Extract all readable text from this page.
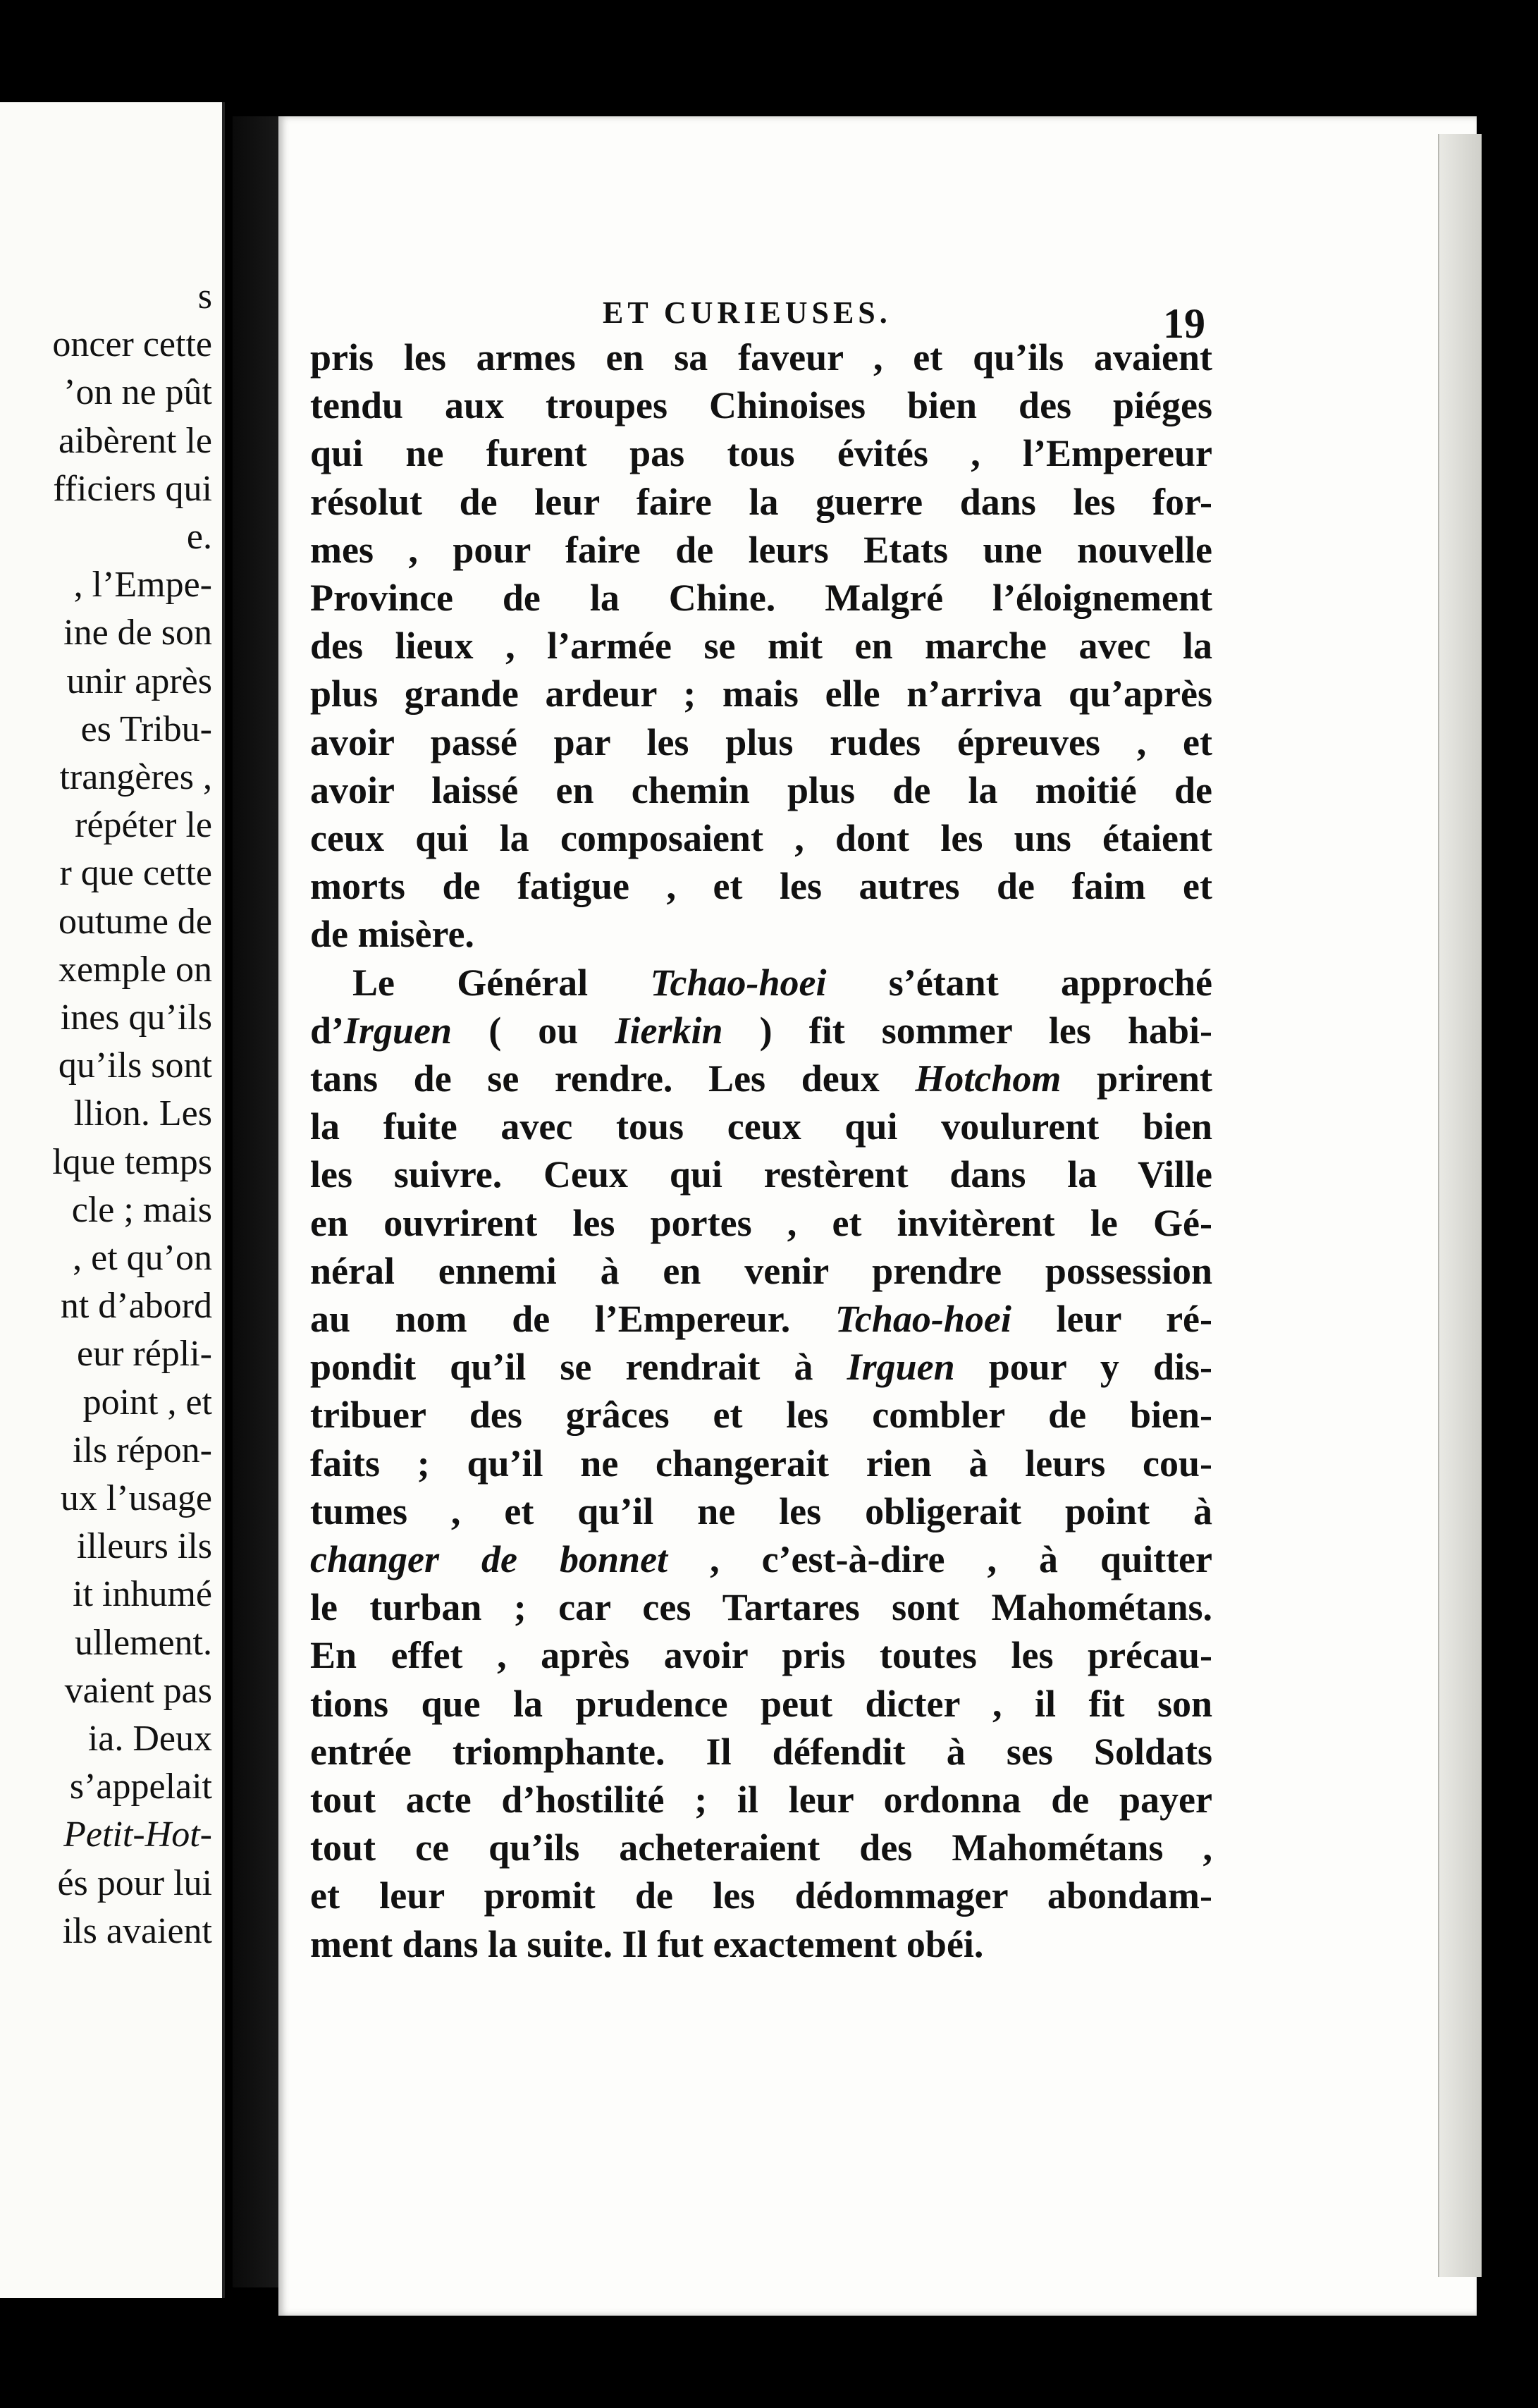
s
oncer cette
’on ne pût
aibèrent le
fficiers qui
e.
, l’Empe-
ine de son
unir après
es Tribu-
trangères ,
répéter le
r que cette
outume de
xemple on
ines qu’ils
qu’ils sont
llion. Les
lque temps
cle ; mais
, et qu’on
nt d’abord
eur répli-
point , et
ils répon-
ux l’usage
illeurs ils
it inhumé
ullement.
vaient pas
ia. Deux
s’appelait
Petit-Hot-
és pour lui
ils avaient
ET CURIEUSES.	19
pris les armes en sa faveur , et qu’ils avaient
tendu aux troupes Chinoises bien des piéges
qui ne furent pas tous évités , l’Empereur
résolut de leur faire la guerre dans les for-
mes , pour faire de leurs Etats une nouvelle
Province de la Chine. Malgré l’éloignement
des lieux , l’armée se mit en marche avec la
plus grande ardeur ; mais elle n’arriva qu’après
avoir passé par les plus rudes épreuves , et
avoir laissé en chemin plus de la moitié de
ceux qui la composaient , dont les uns étaient
morts de fatigue , et les autres de faim et
de misère.
Le Général Tchao-hoei s’étant approché
d’Irguen ( ou Iierkin ) fit sommer les habi-
tans de se rendre. Les deux Hotchom prirent
la fuite avec tous ceux qui voulurent bien
les suivre. Ceux qui restèrent dans la Ville
en ouvrirent les portes , et invitèrent le Gé-
néral ennemi à en venir prendre possession
au nom de l’Empereur. Tchao-hoei leur ré-
pondit qu’il se rendrait à Irguen pour y dis-
tribuer des grâces et les combler de bien-
faits ; qu’il ne changerait rien à leurs cou-
tumes , et qu’il ne les obligerait point à
changer de bonnet , c’est-à-dire , à quitter
le turban ; car ces Tartares sont Mahométans.
En effet , après avoir pris toutes les précau-
tions que la prudence peut dicter , il fit son
entrée triomphante. Il défendit à ses Soldats
tout acte d’hostilité ; il leur ordonna de payer
tout ce qu’ils acheteraient des Mahométans ,
et leur promit de les dédommager abondam-
ment dans la suite. Il fut exactement obéi.
